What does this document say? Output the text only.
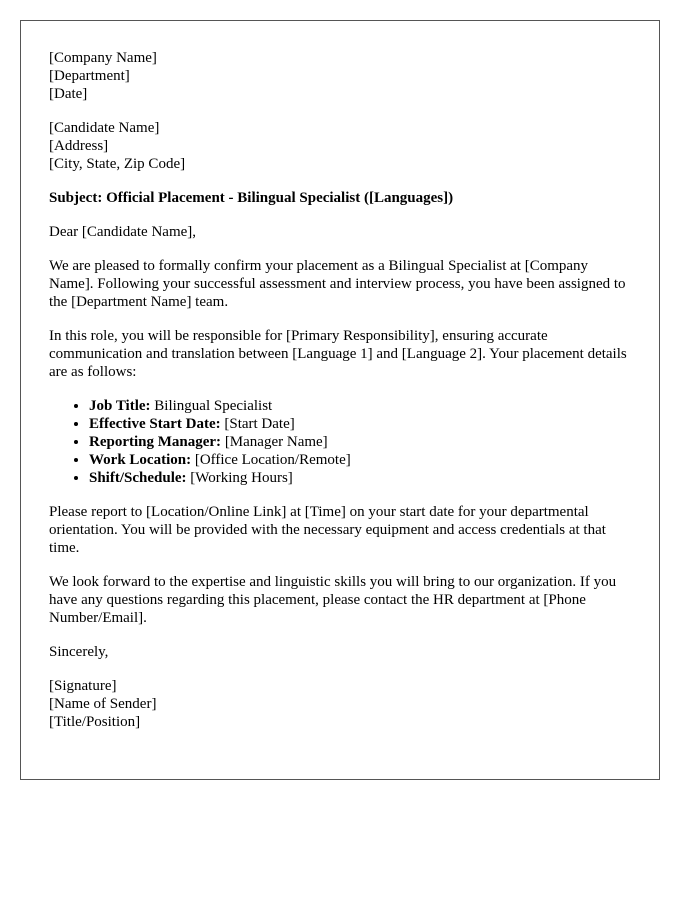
[Company Name]
[Department]
[Date]
[Candidate Name]
[Address]
[City, State, Zip Code]
Subject: Official Placement - Bilingual Specialist ([Languages])

Dear [Candidate Name],

We are pleased to formally confirm your placement as a Bilingual Specialist at [Company Name]. Following your successful assessment and interview process, you have been assigned to the [Department Name] team.

In this role, you will be responsible for [Primary Responsibility], ensuring accurate communication and translation between [Language 1] and [Language 2]. Your placement details are as follows:

• Job Title: Bilingual Specialist
• Effective Start Date: [Start Date]
• Reporting Manager: [Manager Name]
• Work Location: [Office Location/Remote]
• Shift/Schedule: [Working Hours]

Please report to [Location/Online Link] at [Time] on your start date for your departmental orientation. You will be provided with the necessary equipment and access credentials at that time.

We look forward to the expertise and linguistic skills you will bring to our organization. If you have any questions regarding this placement, please contact the HR department at [Phone Number/Email].

Sincerely,

[Signature]
[Name of Sender]
[Title/Position]
